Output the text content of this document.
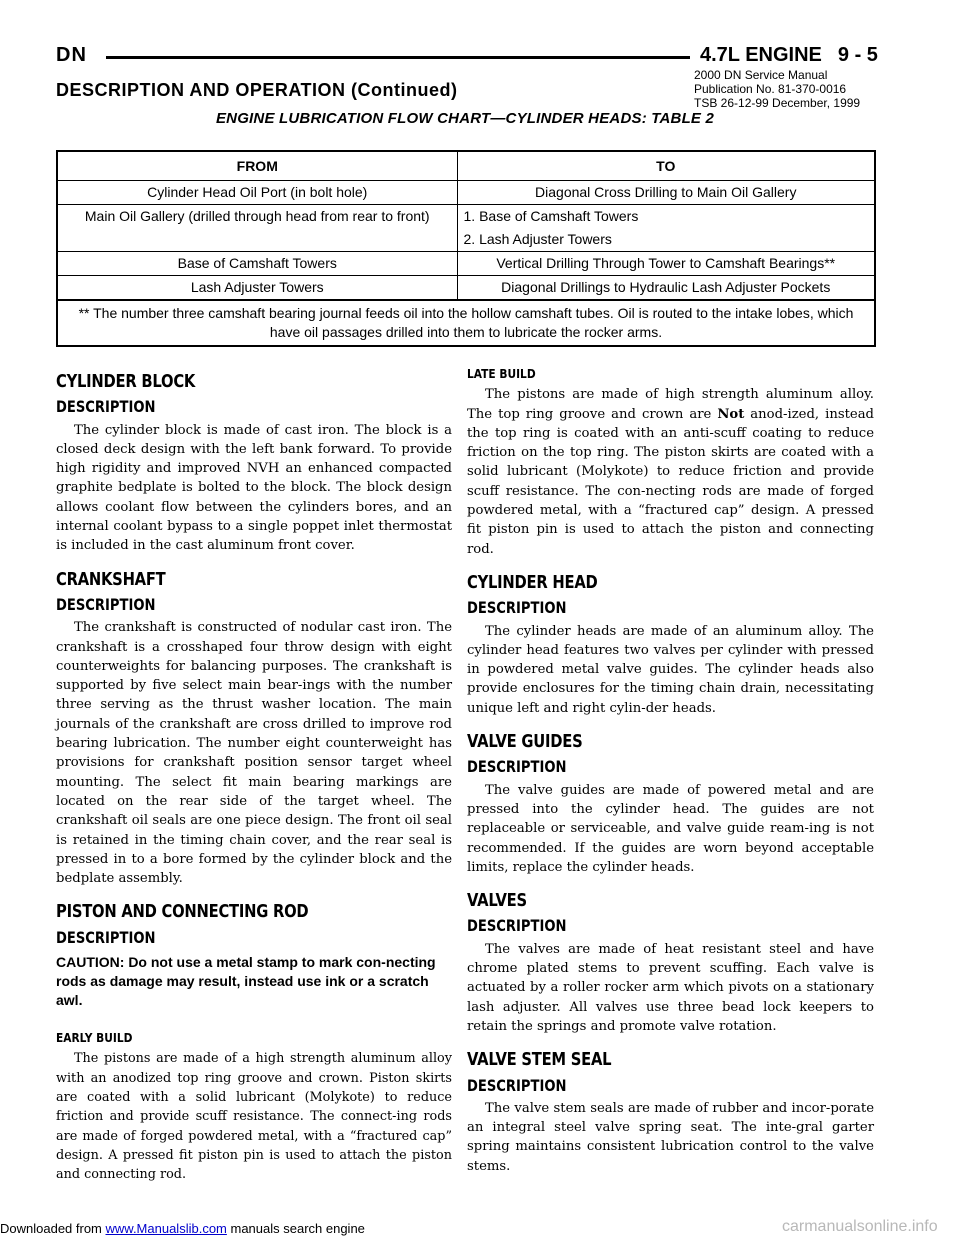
DN	4.7L ENGINE 9 - 5
2000 DN Service Manual
Publication No. 81-370-0016
TSB 26-12-99 December, 1999
DESCRIPTION AND OPERATION (Continued)
ENGINE LUBRICATION FLOW CHART—CYLINDER HEADS: TABLE 2
FROM	TO
Cylinder Head Oil Port (in bolt hole)	Diagonal Cross Drilling to Main Oil Gallery
Main Oil Gallery (drilled through head from rear to front)	1. Base of Camshaft Towers
2. Lash Adjuster Towers

Base of Camshaft Towers	Vertical Drilling Through Tower to Camshaft Bearings**
Lash Adjuster Towers	Diagonal Drillings to Hydraulic Lash Adjuster Pockets
** The number three camshaft bearing journal feeds oil into the hollow camshaft tubes. Oil is routed to the intake lobes, which have oil passages drilled into them to lubricate the rocker arms.	
CYLINDER BLOCK
DESCRIPTION

The cylinder block is made of cast iron. The block is a closed deck design with the left bank forward. To provide high rigidity and improved NVH an enhanced compacted graphite bedplate is bolted to the block. The block design allows coolant flow between the cylinders bores, and an internal coolant bypass to a single poppet inlet thermostat is included in the cast aluminum front cover.

CRANKSHAFT
DESCRIPTION

The crankshaft is constructed of nodular cast iron. The crankshaft is a crosshaped four throw design with eight counterweights for balancing purposes. The crankshaft is supported by five select main bear-ings with the number three serving as the thrust washer location. The main journals of the crankshaft are cross drilled to improve rod bearing lubrication. The number eight counterweight has provisions for crankshaft position sensor target wheel mounting. The select fit main bearing markings are located on the rear side of the target wheel. The crankshaft oil seals are one piece design. The front oil seal is retained in the timing chain cover, and the rear seal is pressed in to a bore formed by the cylinder block and the bedplate assembly.

PISTON AND CONNECTING ROD
DESCRIPTION
CAUTION: Do not use a metal stamp to mark con-necting rods as damage may result, instead use ink or a scratch awl.
EARLY BUILD

The pistons are made of a high strength aluminum alloy with an anodized top ring groove and crown. Piston skirts are coated with a solid lubricant (Molykote) to reduce friction and provide scuff resistance. The connect-ing rods are made of forged powdered metal, with a “fractured cap” design. A pressed fit piston pin is used to attach the piston and connecting rod.

LATE BUILD

The pistons are made of high strength aluminum alloy. The top ring groove and crown are Not anod-ized, instead the top ring is coated with an anti-scuff coating to reduce friction on the top ring. The piston skirts are coated with a solid lubricant (Molykote) to reduce friction and provide scuff resistance. The con-necting rods are made of forged powdered metal, with a “fractured cap” design. A pressed fit piston pin is used to attach the piston and connecting rod.

CYLINDER HEAD
DESCRIPTION

The cylinder heads are made of an aluminum alloy. The cylinder head features two valves per cylinder with pressed in powdered metal valve guides. The cylinder heads also provide enclosures for the timing chain drain, necessitating unique left and right cylin-der heads.

VALVE GUIDES
DESCRIPTION

The valve guides are made of powered metal and are pressed into the cylinder head. The guides are not replaceable or serviceable, and valve guide ream-ing is not recommended. If the guides are worn beyond acceptable limits, replace the cylinder heads.

VALVES
DESCRIPTION

The valves are made of heat resistant steel and have chrome plated stems to prevent scuffing. Each valve is actuated by a roller rocker arm which pivots on a stationary lash adjuster. All valves use three bead lock keepers to retain the springs and promote valve rotation.

VALVE STEM SEAL
DESCRIPTION

The valve stem seals are made of rubber and incor-porate an integral steel valve spring seat. The inte-gral garter spring maintains consistent lubrication control to the valve stems.

Downloaded from www.Manualslib.com manuals search engine	carmanualsonline.info
